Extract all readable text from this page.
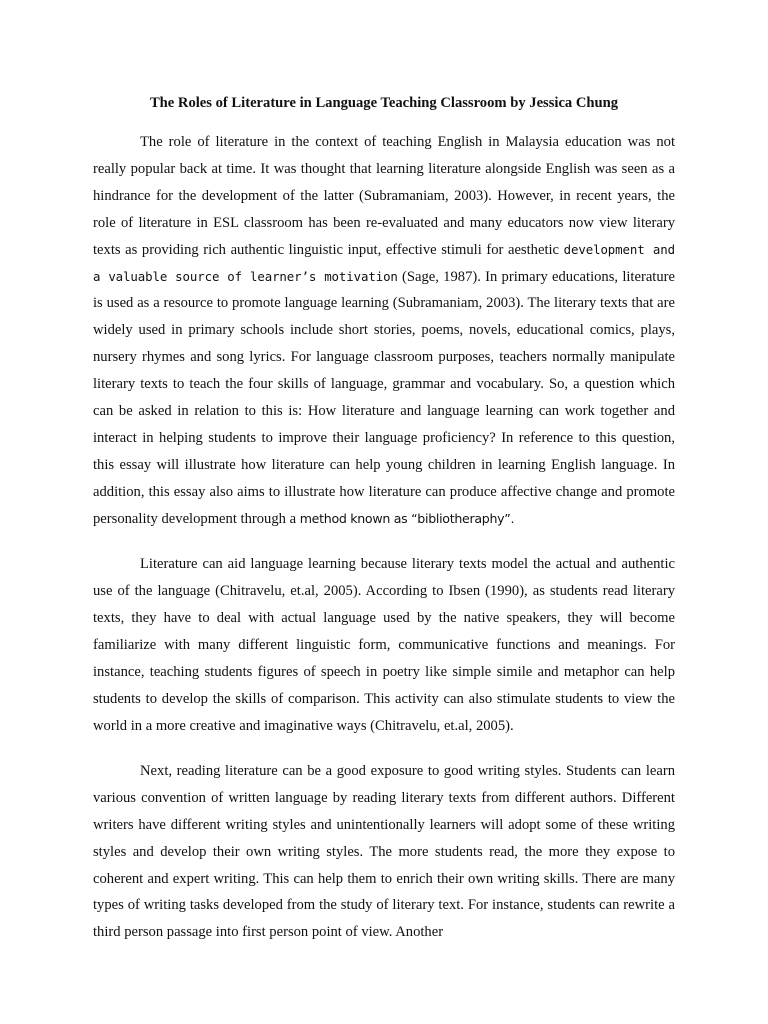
The Roles of Literature in Language Teaching Classroom by Jessica Chung

The role of literature in the context of teaching English in Malaysia education was not really popular back at time. It was thought that learning literature alongside English was seen as a hindrance for the development of the latter (Subramaniam, 2003). However, in recent years, the role of literature in ESL classroom has been re-evaluated and many educators now view literary texts as providing rich authentic linguistic input, effective stimuli for aesthetic development and a valuable source of learner’s motivation (Sage, 1987). In primary educations, literature is used as a resource to promote language learning (Subramaniam, 2003). The literary texts that are widely used in primary schools include short stories, poems, novels, educational comics, plays, nursery rhymes and song lyrics. For language classroom purposes, teachers normally manipulate literary texts to teach the four skills of language, grammar and vocabulary. So, a question which can be asked in relation to this is: How literature and language learning can work together and interact in helping students to improve their language proficiency? In reference to this question, this essay will illustrate how literature can help young children in learning English language. In addition, this essay also aims to illustrate how literature can produce affective change and promote personality development through a method known as “bibliotheraphy”.

Literature can aid language learning because literary texts model the actual and authentic use of the language (Chitravelu, et.al, 2005). According to Ibsen (1990), as students read literary texts, they have to deal with actual language used by the native speakers, they will become familiarize with many different linguistic form, communicative functions and meanings. For instance, teaching students figures of speech in poetry like simple simile and metaphor can help students to develop the skills of comparison. This activity can also stimulate students to view the world in a more creative and imaginative ways (Chitravelu, et.al, 2005).

Next, reading literature can be a good exposure to good writing styles. Students can learn various convention of written language by reading literary texts from different authors. Different writers have different writing styles and unintentionally learners will adopt some of these writing styles and develop their own writing styles. The more students read, the more they expose to coherent and expert writing. This can help them to enrich their own writing skills. There are many types of writing tasks developed from the study of literary text. For instance, students can rewrite a third person passage into first person point of view. Another
